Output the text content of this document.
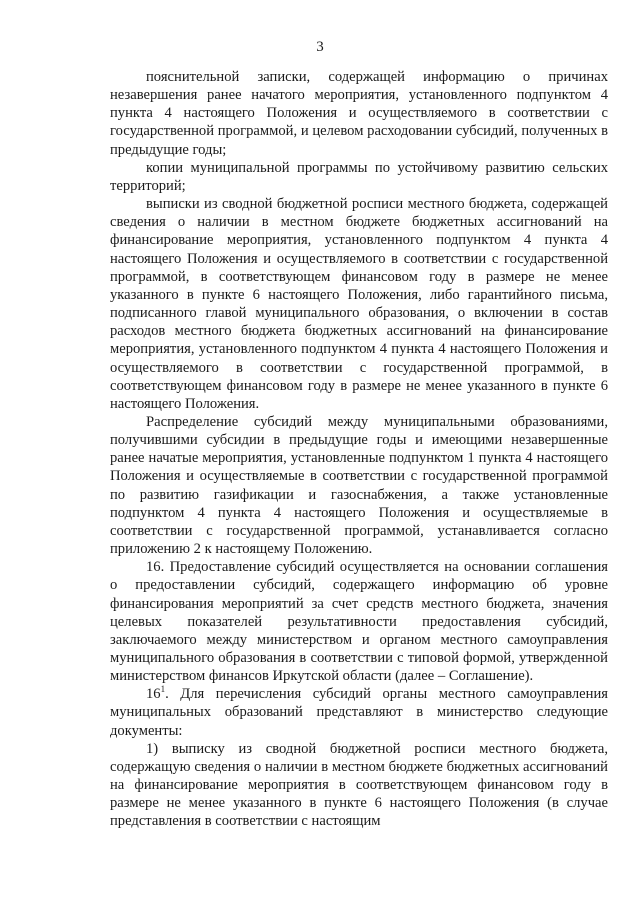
3

пояснительной записки, содержащей информацию о причинах незавершения ранее начатого мероприятия, установленного подпунктом 4 пункта 4 настоящего Положения и осуществляемого в соответствии с государственной программой, и целевом расходовании субсидий, полученных в предыдущие годы;

копии муниципальной программы по устойчивому развитию сельских территорий;

выписки из сводной бюджетной росписи местного бюджета, содержащей сведения о наличии в местном бюджете бюджетных ассигнований на финансирование мероприятия, установленного подпунктом 4 пункта 4 настоящего Положения и осуществляемого в соответствии с государственной программой, в соответствующем финансовом году в размере не менее указанного в пункте 6 настоящего Положения, либо гарантийного письма, подписанного главой муниципального образования, о включении в состав расходов местного бюджета бюджетных ассигнований на финансирование мероприятия, установленного подпунктом 4 пункта 4 настоящего Положения и осуществляемого в соответствии с государственной программой, в соответствующем финансовом году в размере не менее указанного в пункте 6 настоящего Положения.

Распределение субсидий между муниципальными образованиями, получившими субсидии в предыдущие годы и имеющими незавершенные ранее начатые мероприятия, установленные подпунктом 1 пункта 4 настоящего Положения и осуществляемые в соответствии с государственной программой по развитию газификации и газоснабжения, а также установленные подпунктом 4 пункта 4 настоящего Положения и осуществляемые в соответствии с государственной программой, устанавливается согласно приложению 2 к настоящему Положению.

16. Предоставление субсидий осуществляется на основании соглашения о предоставлении субсидий, содержащего информацию об уровне финансирования мероприятий за счет средств местного бюджета, значения целевых показателей результативности предоставления субсидий, заключаемого между министерством и органом местного самоуправления муниципального образования в соответствии с типовой формой, утвержденной министерством финансов Иркутской области (далее – Соглашение).

$16^1$. Для перечисления субсидий органы местного самоуправления муниципальных образований представляют в министерство следующие документы:

1) выписку из сводной бюджетной росписи местного бюджета, содержащую сведения о наличии в местном бюджете бюджетных ассигнований на финансирование мероприятия в соответствующем финансовом году в размере не менее указанного в пункте 6 настоящего Положения (в случае представления в соответствии с настоящим
